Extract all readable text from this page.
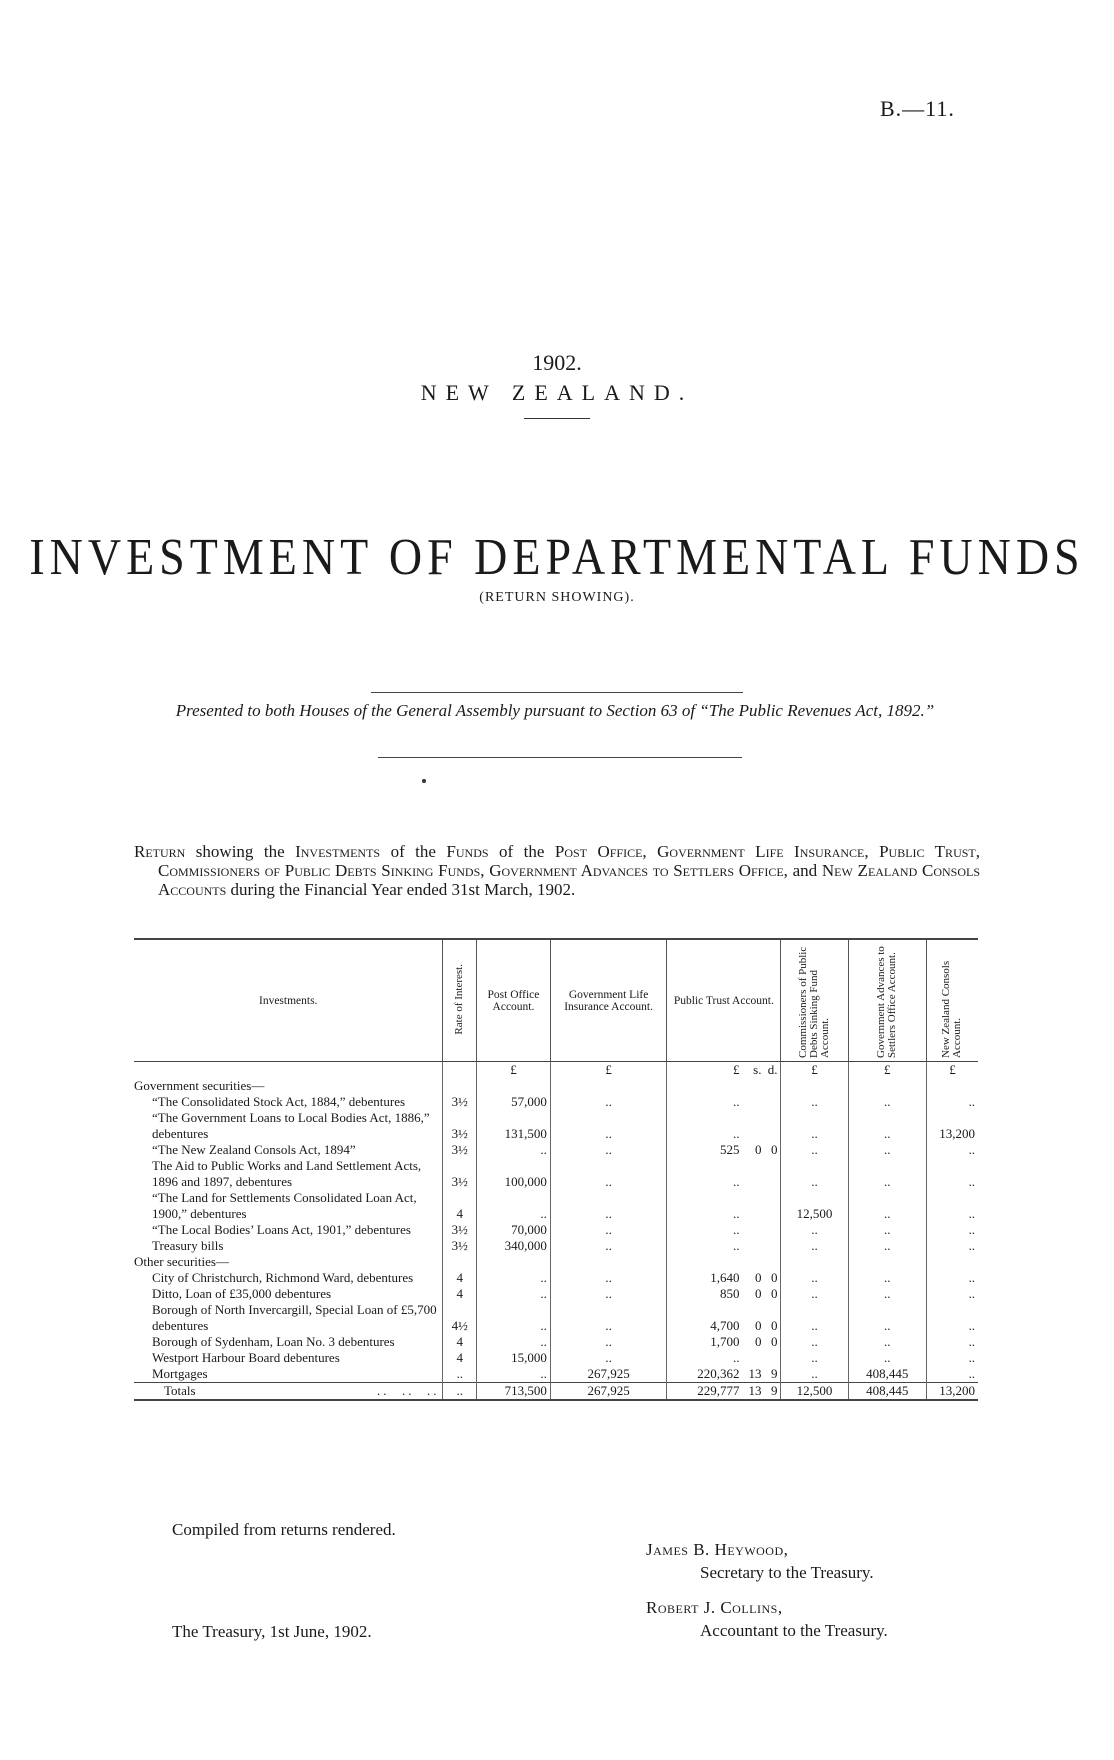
B.—11.
1902.
NEW ZEALAND.
INVESTMENT OF DEPARTMENTAL FUNDS
(RETURN SHOWING).
Presented to both Houses of the General Assembly pursuant to Section 63 of “The Public Revenues Act, 1892.”
Return showing the Investments of the Funds of the Post Office, Government Life Insurance, Public Trust, Commissioners of Public Debts Sinking Funds, Government Advances to Settlers Office, and New Zealand Consols Accounts during the Financial Year ended 31st March, 1902.
Investments.	Rate of Interest.	Post Office Account.	Government Life Insurance Account.	Public Trust Account.	Commissioners of Public Debts Sinking Fund Account.	Government Advances to Settlers Office Account.	New Zealand Consols Account.
		£	£	£ s. d.	£	£	£
Government securities—							
“The Consolidated Stock Act, 1884,” debentures	3½	57,000	..	..	..	..	..
“The Government Loans to Local Bodies Act, 1886,” debentures	3½	131,500	..	..	..	..	13,200
“The New Zealand Consols Act, 1894”	3½	..	..	525 0 0	..	..	..
The Aid to Public Works and Land Settlement Acts, 1896 and 1897, debentures	3½	100,000	..	..	..	..	..
“The Land for Settlements Consolidated Loan Act, 1900,” debentures	4	..	..	..	12,500	..	..
“The Local Bodies’ Loans Act, 1901,” debentures	3½	70,000	..	..	..	..	..
Treasury bills	3½	340,000	..	..	..	..	..
Other securities—							
City of Christchurch, Richmond Ward, debentures	4	..	..	1,640 0 0	..	..	..
Ditto, Loan of £35,000 debentures	4	..	..	850 0 0	..	..	..
Borough of North Invercargill, Special Loan of £5,700 debentures	4½	..	..	4,700 0 0	..	..	..
Borough of Sydenham, Loan No. 3 debentures	4	..	..	1,700 0 0	..	..	..
Westport Harbour Board debentures	4	15,000	..	..	..	..	..
Mortgages	..	..	267,925	220,362 13 9	..	408,445	..
Totals ..  ..  ..	..	713,500	267,925	229,777 13 9	12,500	408,445	13,200
Compiled from returns rendered.
James B. Heywood,
Secretary to the Treasury.
Robert J. Collins,
Accountant to the Treasury.
The Treasury, 1st June, 1902.
